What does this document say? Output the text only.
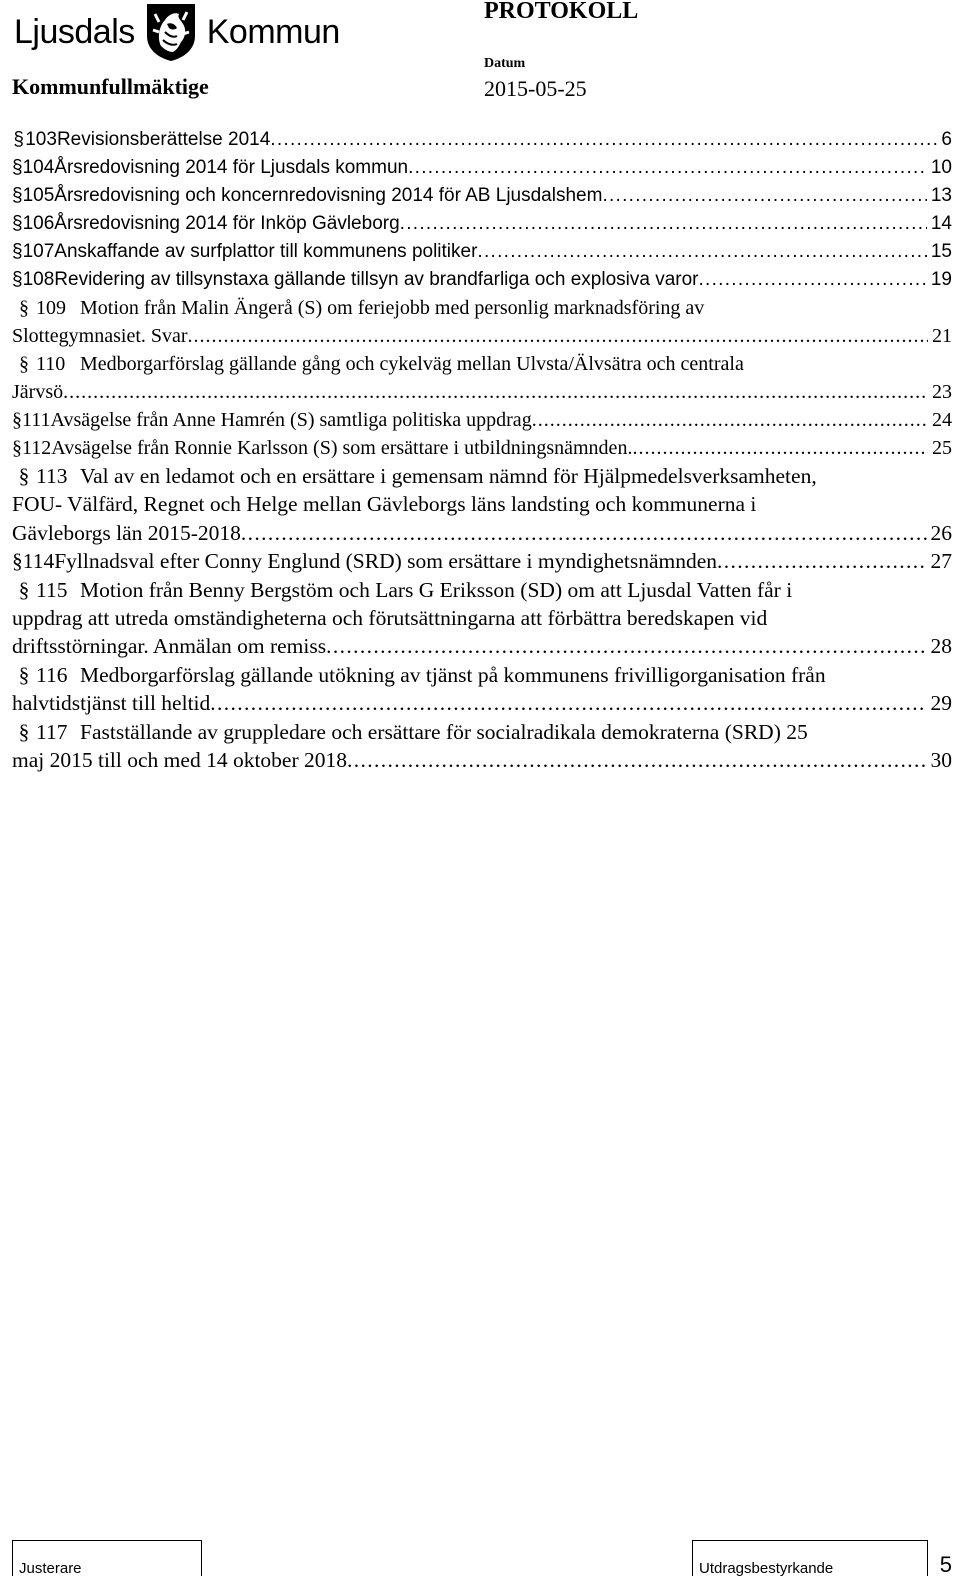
Ljusdals Kommun
PROTOKOLL
Kommunfullmäktige
Datum
2015-05-25
§ 103 Revisionsberättelse 2014 . . .	6
§ 104 Årsredovisning 2014 för Ljusdals kommun . . .	10
§ 105 Årsredovisning och koncernredovisning 2014 för AB Ljusdalshem . . .	13
§ 106 Årsredovisning 2014 för Inköp Gävleborg . . .	14
§ 107 Anskaffande av surfplattor till kommunens politiker . . .	15
§ 108 Revidering av tillsynstaxa gällande tillsyn av brandfarliga och explosiva varor . . .	19
§ 109 Motion från Malin Ängerå (S) om feriejobb med personlig marknadsföring av
Slottegymnasiet. Svar . . .	21
§ 110 Medborgarförslag gällande gång och cykelväg mellan Ulvsta/Älvsätra och centrala
Järvsö . . .	23
§ 111 Avsägelse från Anne Hamrén (S) samtliga politiska uppdrag . . .	24
§ 112 Avsägelse från Ronnie Karlsson (S) som ersättare i utbildningsnämnden. . . .	25
§ 113 Val av en ledamot och en ersättare i gemensam nämnd för Hjälpmedelsverksamheten,
FOU- Välfärd, Regnet och Helge mellan Gävleborgs läns landsting och kommunerna i
Gävleborgs län 2015-2018 . . .	26
§ 114 Fyllnadsval efter Conny Englund (SRD) som ersättare i myndighetsnämnden . . .	27
§ 115 Motion från Benny Bergstöm och Lars G Eriksson (SD) om att Ljusdal Vatten får i
uppdrag att utreda omständigheterna och förutsättningarna att förbättra beredskapen vid
driftsstörningar. Anmälan om remiss . . .	28
§ 116 Medborgarförslag gällande utökning av tjänst på kommunens frivilligorganisation från
halvtidstjänst till heltid . . .	29
§ 117 Fastställande av gruppledare och ersättare för socialradikala demokraterna (SRD) 25
maj 2015 till och med 14 oktober 2018 . . .	30
Justerare	Utdragsbestyrkande	5
